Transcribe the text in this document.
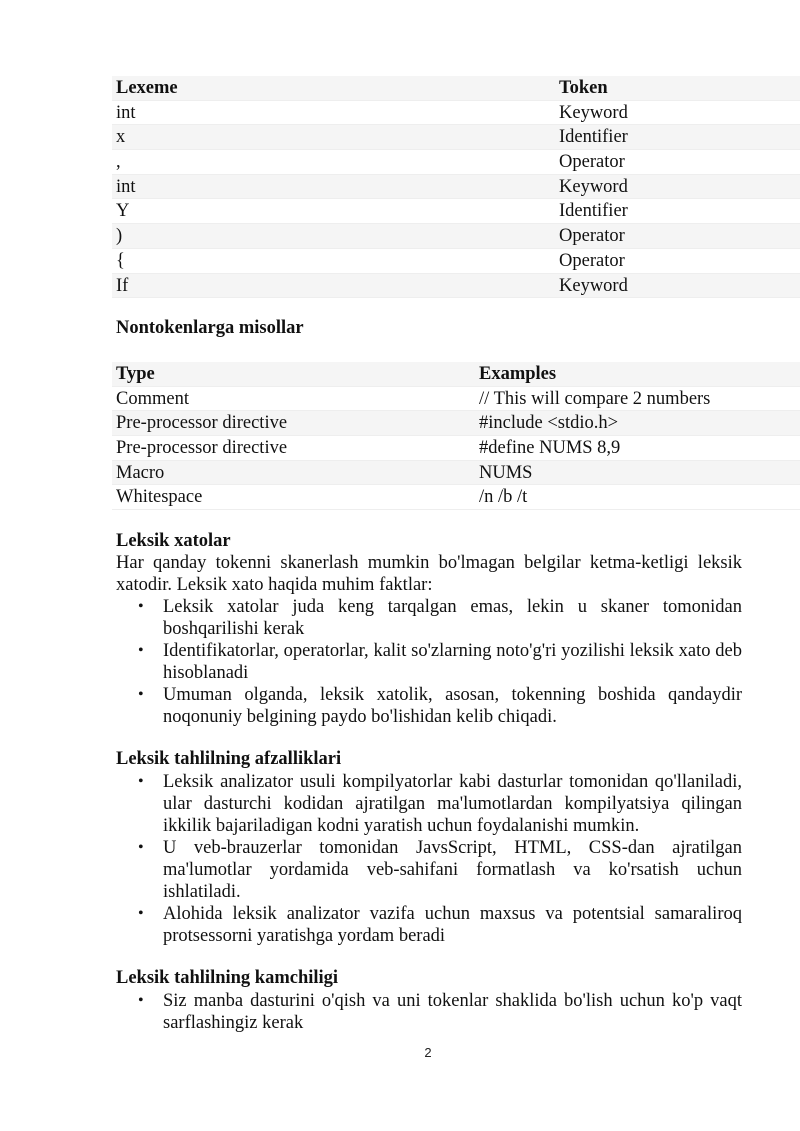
Lexeme	Token
int	Keyword
x	Identifier
,	Operator
int	Keyword
Y	Identifier
)	Operator
{	Operator
If	Keyword
Nontokenlarga misollar
Type	Examples
Comment	// This will compare 2 numbers
Pre-processor directive	#include <stdio.h>
Pre-processor directive	#define NUMS 8,9
Macro	NUMS
Whitespace	/n /b /t
Leksik xatolar
Har qanday tokenni skanerlash mumkin bo'lmagan belgilar ketma-ketligi leksik xatodir. Leksik xato haqida muhim faktlar:
• Leksik xatolar juda keng tarqalgan emas, lekin u skaner tomonidan boshqarilishi kerak
• Identifikatorlar, operatorlar, kalit so'zlarning noto'g'ri yozilishi leksik xato deb hisoblanadi
• Umuman olganda, leksik xatolik, asosan, tokenning boshida qandaydir noqonuniy belgining paydo bo'lishidan kelib chiqadi.
Leksik tahlilning afzalliklari
• Leksik analizator usuli kompilyatorlar kabi dasturlar tomonidan qo'llaniladi, ular dasturchi kodidan ajratilgan ma'lumotlardan kompilyatsiya qilingan ikkilik bajariladigan kodni yaratish uchun foydalanishi mumkin.
• U veb-brauzerlar tomonidan JavsScript, HTML, CSS-dan ajratilgan ma'lumotlar yordamida veb-sahifani formatlash va ko'rsatish uchun ishlatiladi.
• Alohida leksik analizator vazifa uchun maxsus va potentsial samaraliroq protsessorni yaratishga yordam beradi
Leksik tahlilning kamchiligi
• Siz manba dasturini o'qish va uni tokenlar shaklida bo'lish uchun ko'p vaqt sarflashingiz kerak
2
